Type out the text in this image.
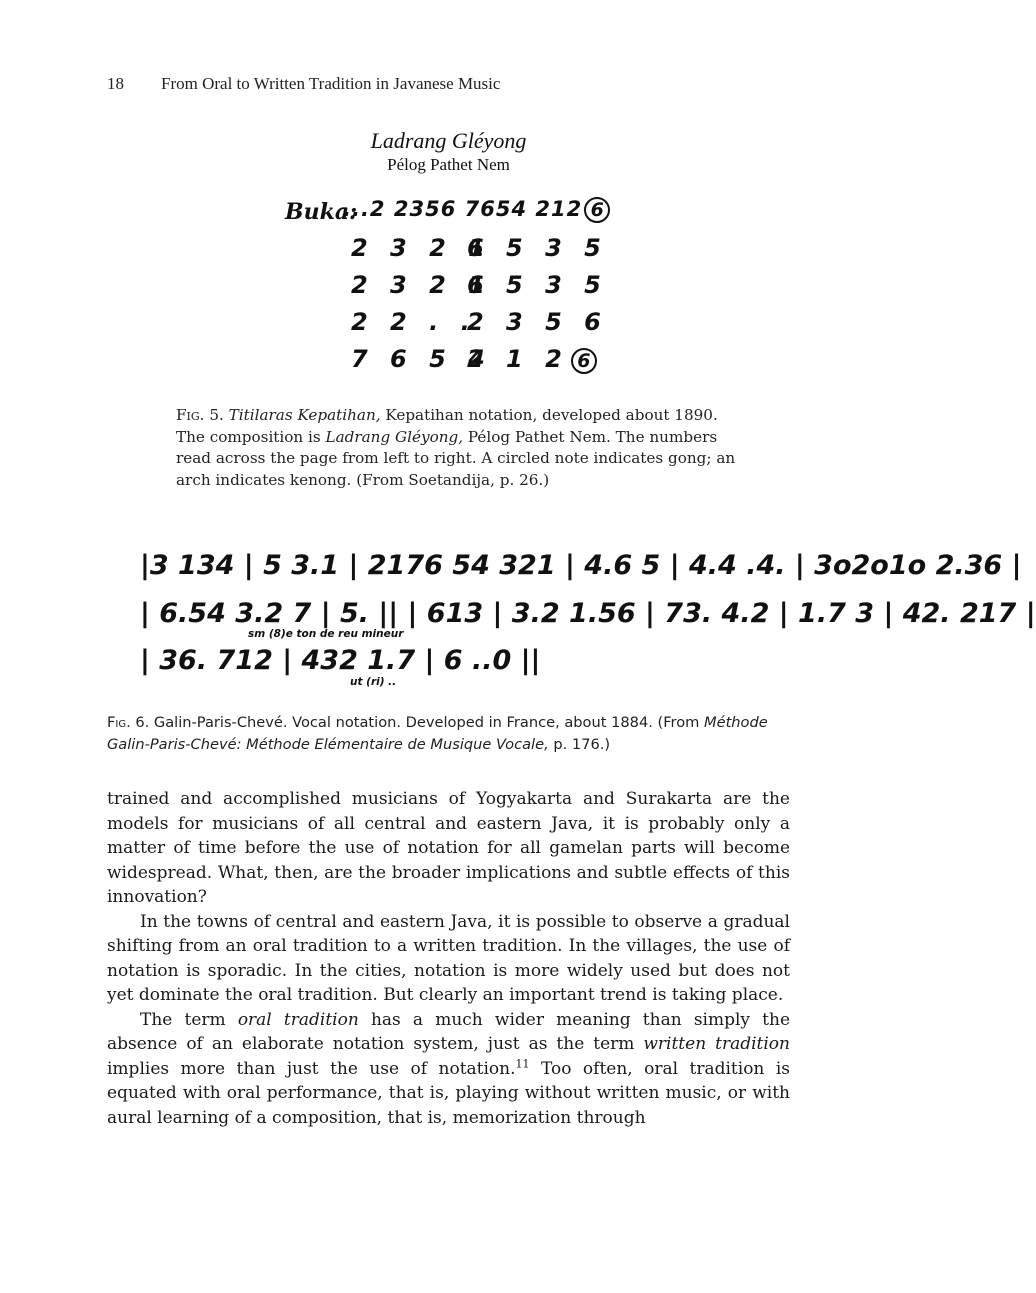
18 From Oral to Written Tradition in Javanese Music
Ladrang Gléyong
Pélog Pathet Nem
Buka:
...2 2356 7654 212 6
2 3 2 1
6 5 3 5
2 3 2 1
6 5 3 5
2 2 . .
2 3 5 6
7 6 5 4
2 1 2 6
Fig. 5. Titilaras Kepatihan, Kepatihan notation, developed about 1890. The composition is Ladrang Gléyong, Pélog Pathet Nem. The numbers read across the page from left to right. A circled note indicates gong; an arch indicates kenong. (From Soetandija, p. 26.)
|3 134 | 5 3.1 | 2176 54 321 | 4.6 5 | 4.4 .4. | 3o2o1o 2.36 |
| 6.54 3.2 7 | 5. || | 613 | 3.2 1.56 | 73. 4.2 | 1.7 3 | 42. 217 |
sm (8)e ton de reu mineur
| 36. 712 | 432 1.7 | 6 ..0 ||
ut (ri) ..
Fig. 6. Galin-Paris-Chevé. Vocal notation. Developed in France, about 1884. (From Méthode Galin-Paris-Chevé: Méthode Elémentaire de Musique Vocale, p. 176.)

trained and accomplished musicians of Yogyakarta and Surakarta are the models for musicians of all central and eastern Java, it is probably only a matter of time before the use of notation for all gamelan parts will become widespread. What, then, are the broader implications and subtle effects of this innovation?

In the towns of central and eastern Java, it is possible to observe a gradual shifting from an oral tradition to a written tradition. In the villages, the use of notation is sporadic. In the cities, notation is more widely used but does not yet dominate the oral tradition. But clearly an important trend is taking place.

The term oral tradition has a much wider meaning than simply the absence of an elaborate notation system, just as the term written tradition implies more than just the use of notation.$^{11}$ Too often, oral tradition is equated with oral performance, that is, playing without written music, or with aural learning of a composition, that is, memorization through
